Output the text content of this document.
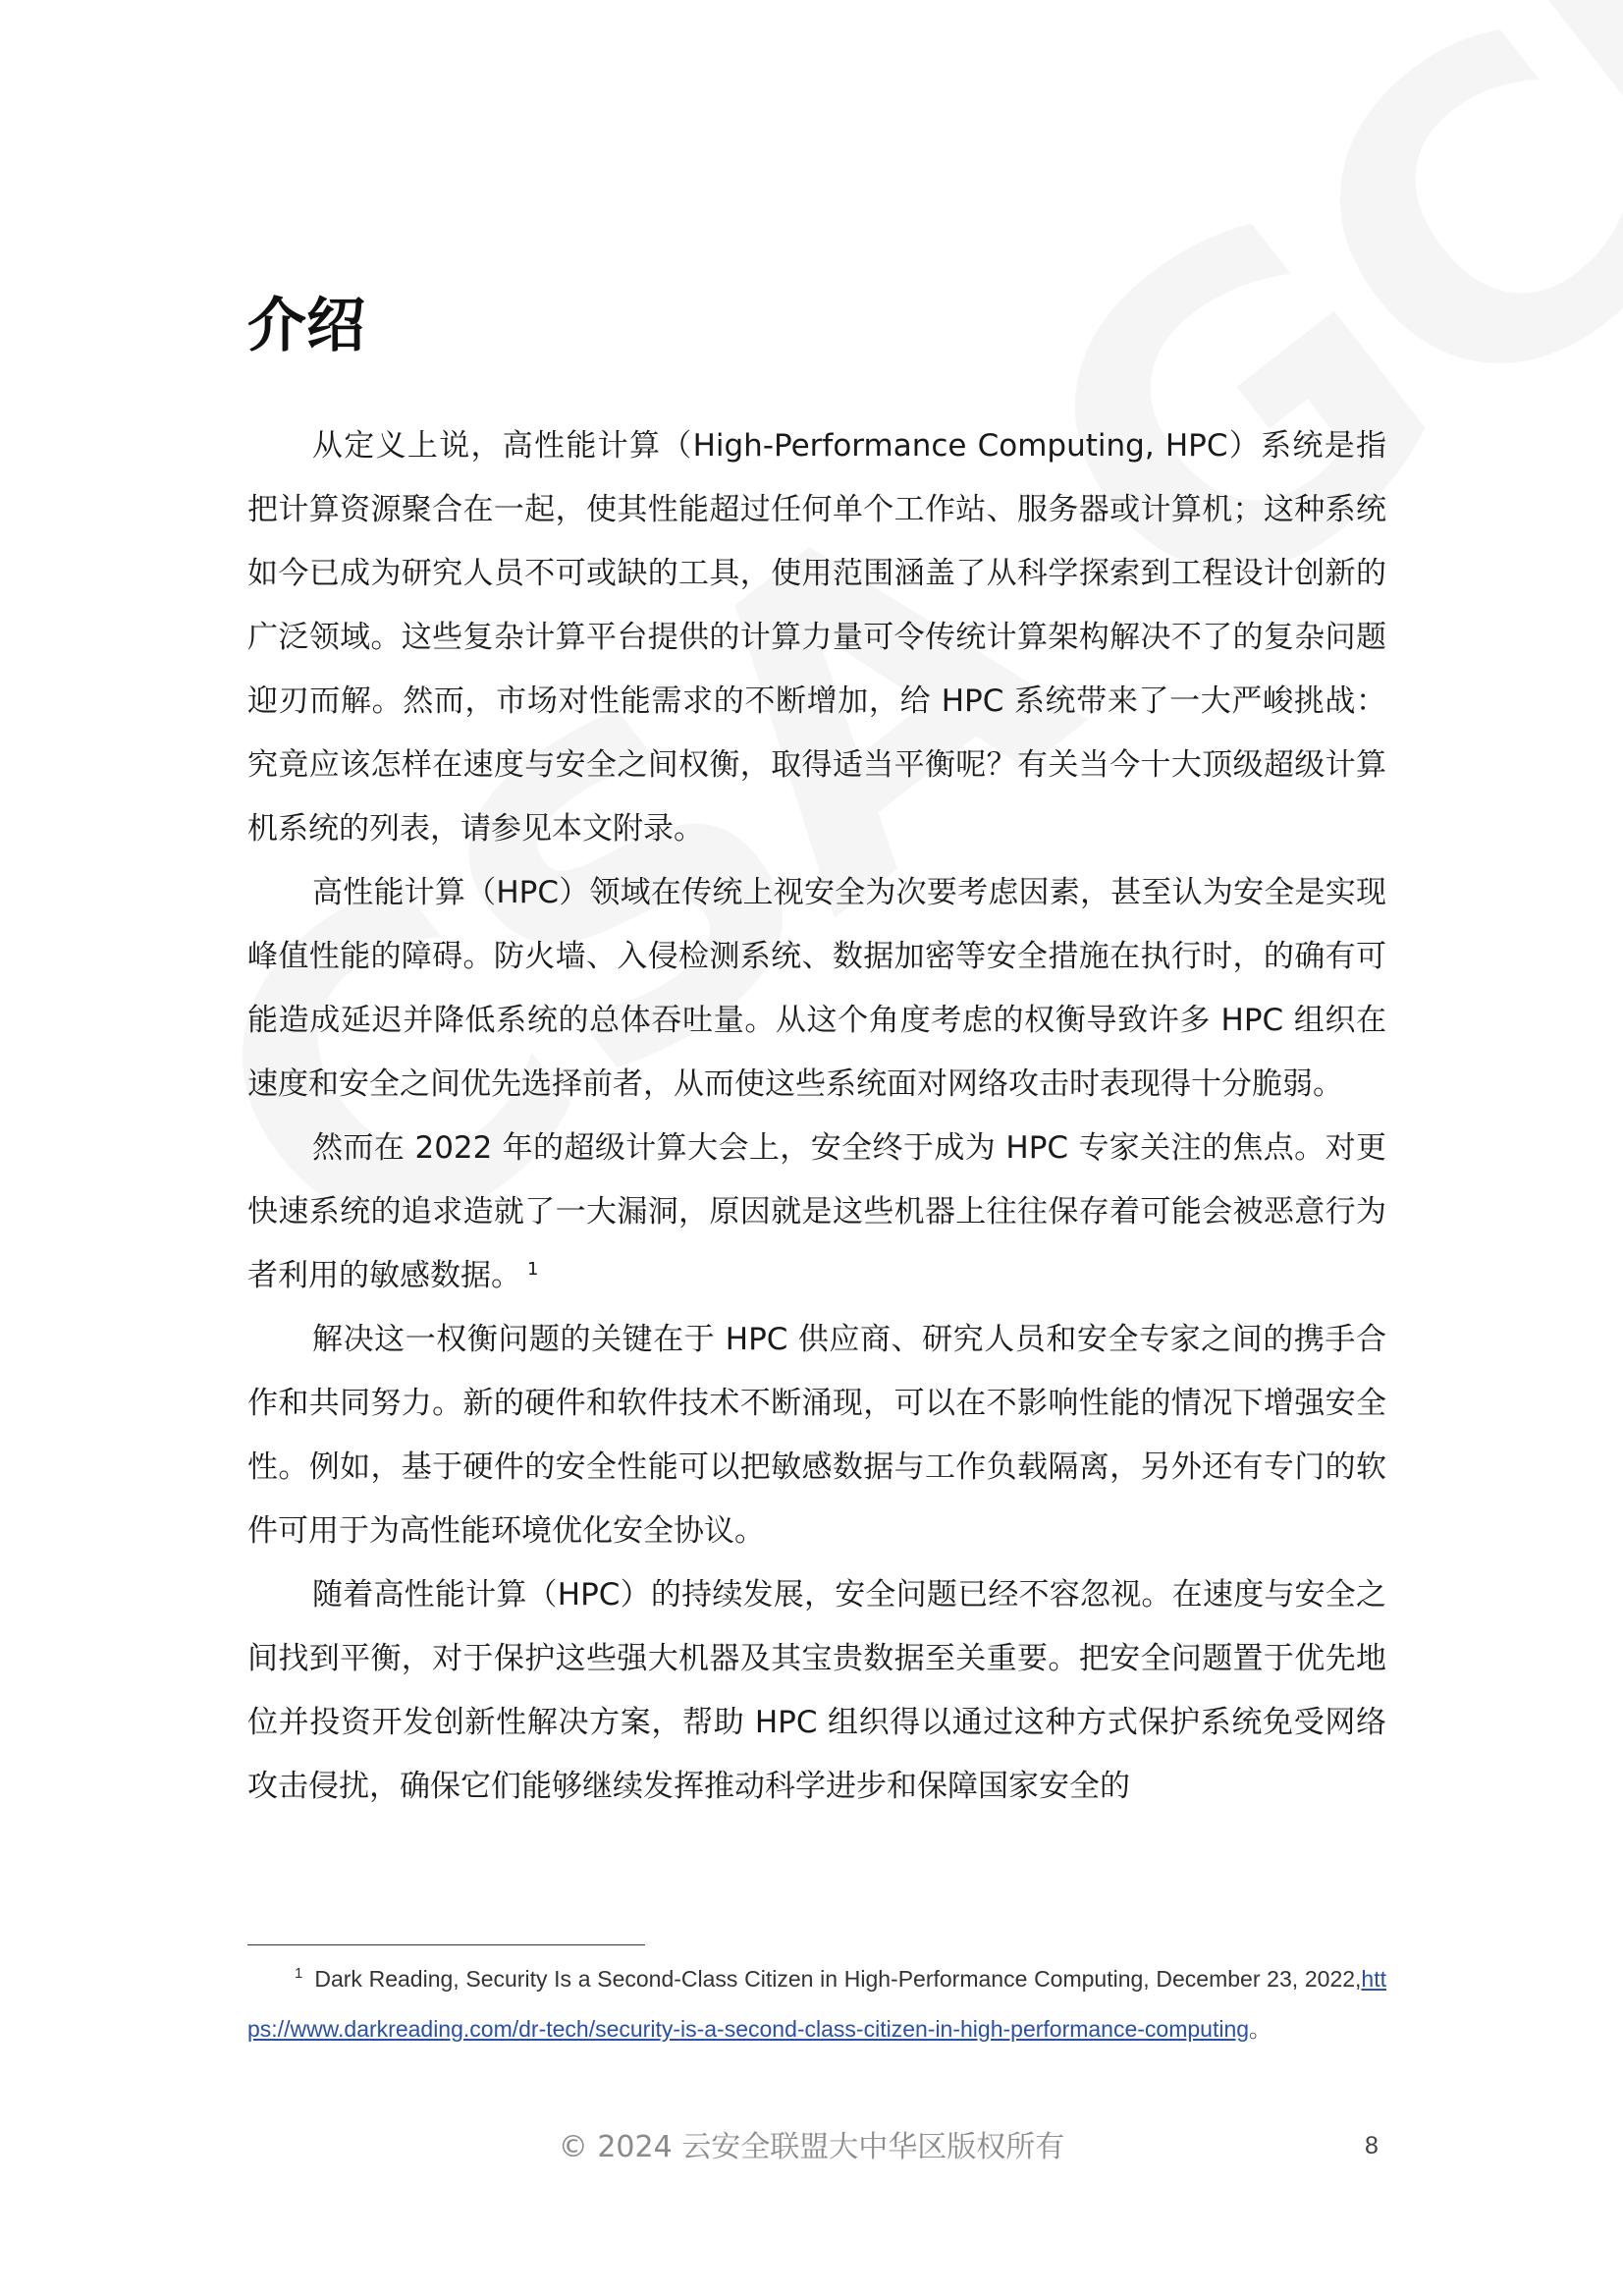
介绍

从定义上说，高性能计算（High-Performance Computing, HPC）系统是指把计算资源聚合在一起，使其性能超过任何单个工作站、服务器或计算机；这种系统如今已成为研究人员不可或缺的工具，使用范围涵盖了从科学探索到工程设计创新的广泛领域。这些复杂计算平台提供的计算力量可令传统计算架构解决不了的复杂问题迎刃而解。然而，市场对性能需求的不断增加，给 HPC 系统带来了一大严峻挑战：究竟应该怎样在速度与安全之间权衡，取得适当平衡呢？有关当今十大顶级超级计算机系统的列表，请参见本文附录。

高性能计算（HPC）领域在传统上视安全为次要考虑因素，甚至认为安全是实现峰值性能的障碍。防火墙、入侵检测系统、数据加密等安全措施在执行时，的确有可能造成延迟并降低系统的总体吞吐量。从这个角度考虑的权衡导致许多 HPC 组织在速度和安全之间优先选择前者，从而使这些系统面对网络攻击时表现得十分脆弱。

然而在 2022 年的超级计算大会上，安全终于成为 HPC 专家关注的焦点。对更快速系统的追求造就了一大漏洞，原因就是这些机器上往往保存着可能会被恶意行为者利用的敏感数据。 $^1$

解决这一权衡问题的关键在于 HPC 供应商、研究人员和安全专家之间的携手合作和共同努力。新的硬件和软件技术不断涌现，可以在不影响性能的情况下增强安全性。例如，基于硬件的安全性能可以把敏感数据与工作负载隔离，另外还有专门的软件可用于为高性能环境优化安全协议。

随着高性能计算（HPC）的持续发展，安全问题已经不容忽视。在速度与安全之间找到平衡，对于保护这些强大机器及其宝贵数据至关重要。把安全问题置于优先地位并投资开发创新性解决方案，帮助 HPC 组织得以通过这种方式保护系统免受网络攻击侵扰，确保它们能够继续发挥推动科学进步和保障国家安全的

$^1$ Dark Reading, Security Is a Second-Class Citizen in High-Performance Computing, December 23, 2022,https://www.darkreading.com/dr-tech/security-is-a-second-class-citizen-in-high-performance-computing。

© 2024 云安全联盟大中华区版权所有	8
